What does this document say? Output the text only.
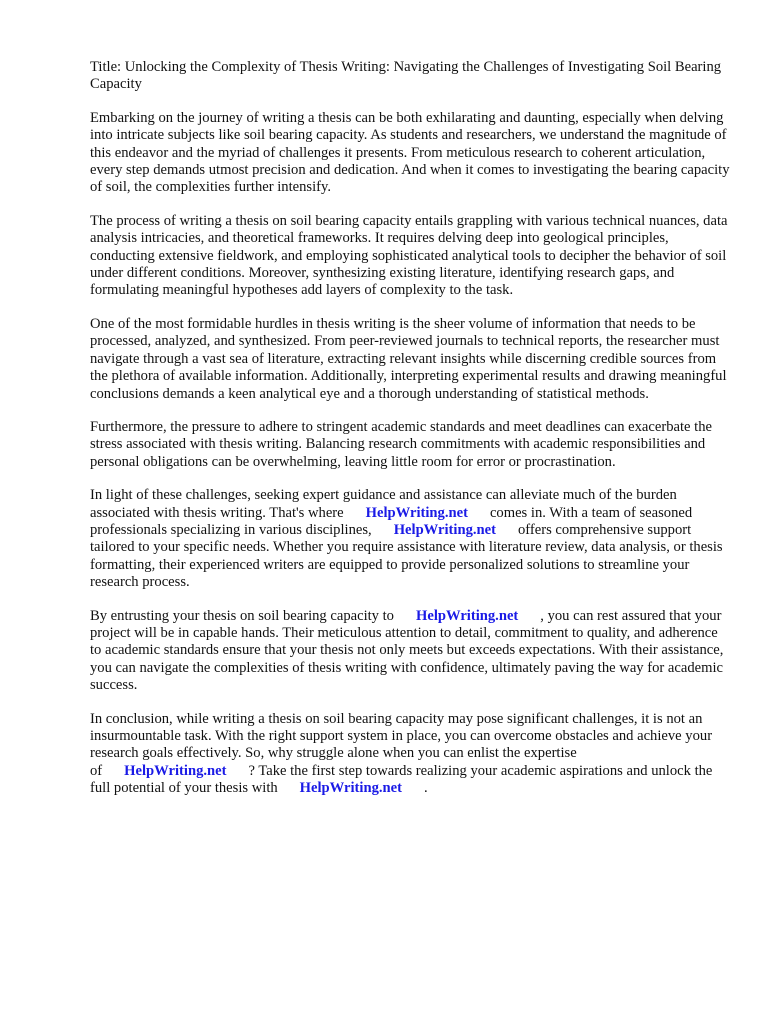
Title: Unlocking the Complexity of Thesis Writing: Navigating the Challenges of Investigating Soil Bearing Capacity

Embarking on the journey of writing a thesis can be both exhilarating and daunting, especially when delving into intricate subjects like soil bearing capacity. As students and researchers, we understand the magnitude of this endeavor and the myriad of challenges it presents. From meticulous research to coherent articulation, every step demands utmost precision and dedication. And when it comes to investigating the bearing capacity of soil, the complexities further intensify.

The process of writing a thesis on soil bearing capacity entails grappling with various technical nuances, data analysis intricacies, and theoretical frameworks. It requires delving deep into geological principles, conducting extensive fieldwork, and employing sophisticated analytical tools to decipher the behavior of soil under different conditions. Moreover, synthesizing existing literature, identifying research gaps, and formulating meaningful hypotheses add layers of complexity to the task.

One of the most formidable hurdles in thesis writing is the sheer volume of information that needs to be processed, analyzed, and synthesized. From peer-reviewed journals to technical reports, the researcher must navigate through a vast sea of literature, extracting relevant insights while discerning credible sources from the plethora of available information. Additionally, interpreting experimental results and drawing meaningful conclusions demands a keen analytical eye and a thorough understanding of statistical methods.

Furthermore, the pressure to adhere to stringent academic standards and meet deadlines can exacerbate the stress associated with thesis writing. Balancing research commitments with academic responsibilities and personal obligations can be overwhelming, leaving little room for error or procrastination.

In light of these challenges, seeking expert guidance and assistance can alleviate much of the burden associated with thesis writing. That's where HelpWriting.net comes in. With a team of seasoned professionals specializing in various disciplines, HelpWriting.net offers comprehensive support tailored to your specific needs. Whether you require assistance with literature review, data analysis, or thesis formatting, their experienced writers are equipped to provide personalized solutions to streamline your research process.

By entrusting your thesis on soil bearing capacity to HelpWriting.net , you can rest assured that your project will be in capable hands. Their meticulous attention to detail, commitment to quality, and adherence to academic standards ensure that your thesis not only meets but exceeds expectations. With their assistance, you can navigate the complexities of thesis writing with confidence, ultimately paving the way for academic success.

In conclusion, while writing a thesis on soil bearing capacity may pose significant challenges, it is not an insurmountable task. With the right support system in place, you can overcome obstacles and achieve your research goals effectively. So, why struggle alone when you can enlist the expertise of HelpWriting.net ? Take the first step towards realizing your academic aspirations and unlock the full potential of your thesis with HelpWriting.net .
